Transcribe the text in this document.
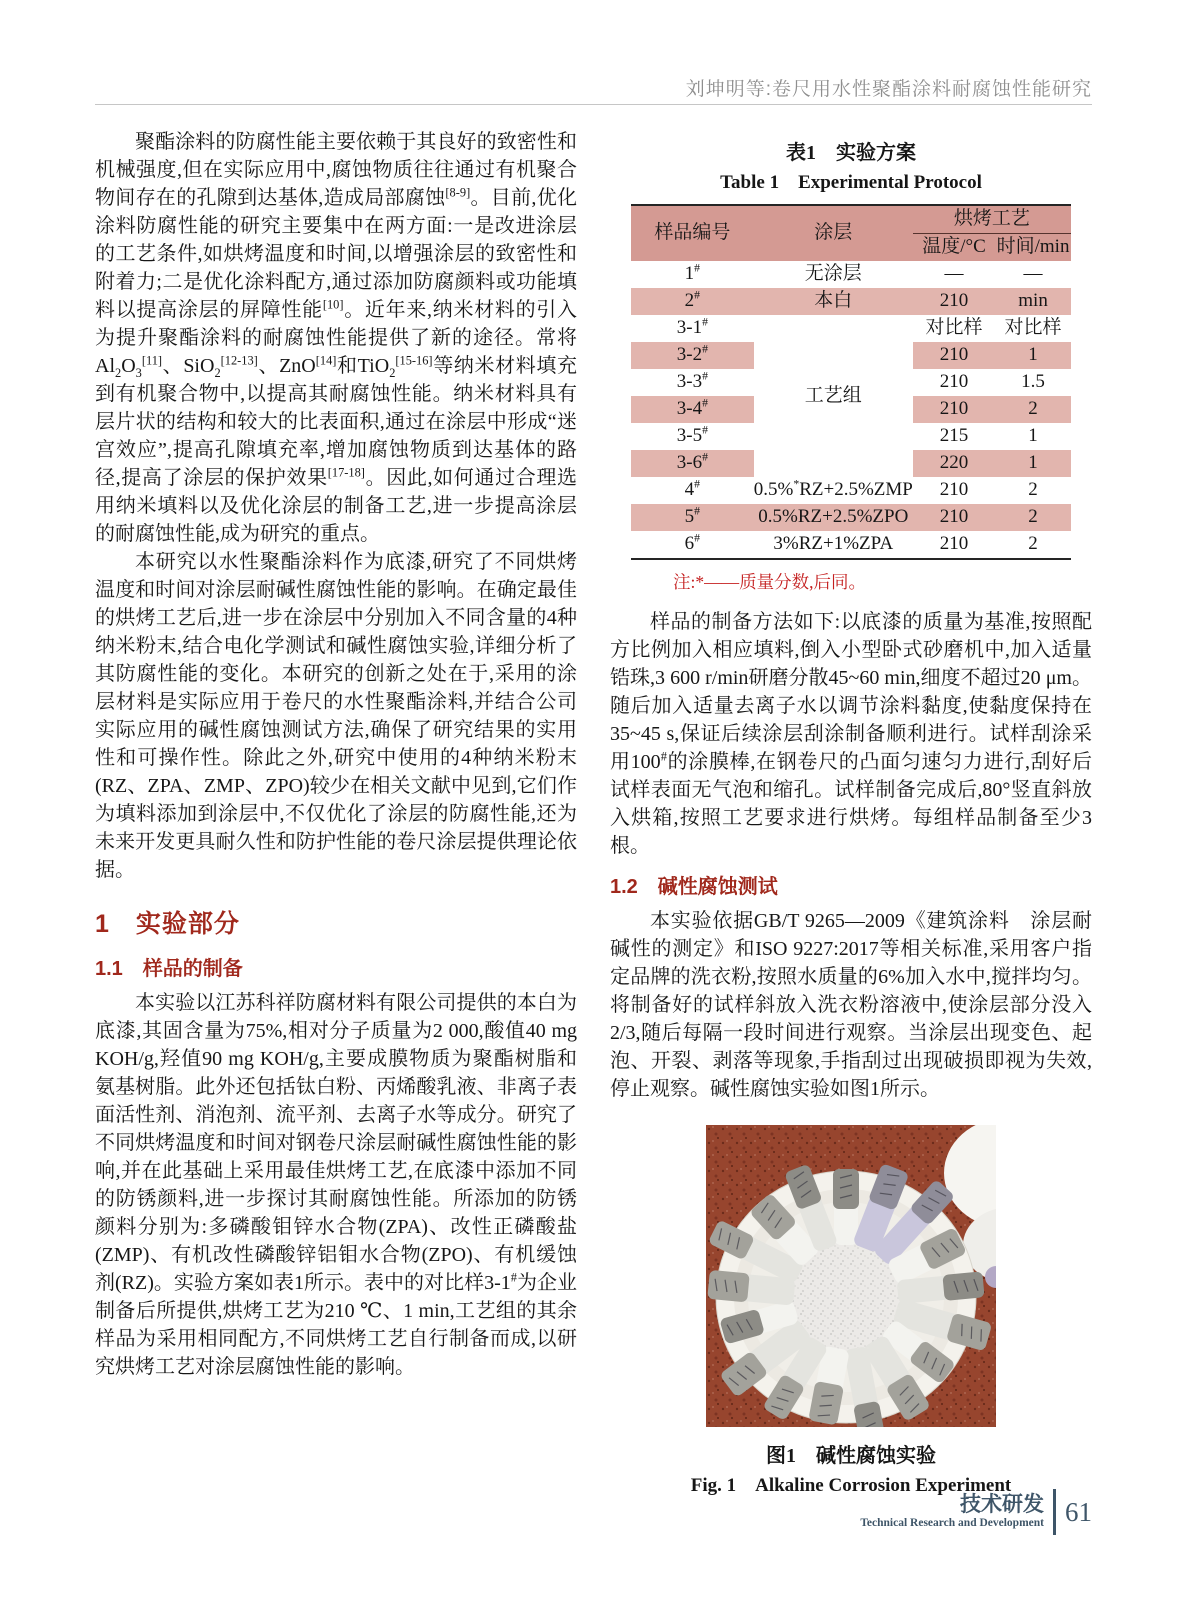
刘坤明等:卷尺用水性聚酯涂料耐腐蚀性能研究

聚酯涂料的防腐性能主要依赖于其良好的致密性和机械强度,但在实际应用中,腐蚀物质往往通过有机聚合物间存在的孔隙到达基体,造成局部腐蚀[8-9]。目前,优化涂料防腐性能的研究主要集中在两方面:一是改进涂层的工艺条件,如烘烤温度和时间,以增强涂层的致密性和附着力;二是优化涂料配方,通过添加防腐颜料或功能填料以提高涂层的屏障性能[10]。近年来,纳米材料的引入为提升聚酯涂料的耐腐蚀性能提供了新的途径。常将$Al_2O_3[11]$、SiO$_2$[12-13]、ZnO[14]和TiO$_2$[15-16]等纳米材料填充到有机聚合物中,以提高其耐腐蚀性能。纳米材料具有层片状的结构和较大的比表面积,通过在涂层中形成“迷宫效应”,提高孔隙填充率,增加腐蚀物质到达基体的路径,提高了涂层的保护效果[17-18]。因此,如何通过合理选用纳米填料以及优化涂层的制备工艺,进一步提高涂层的耐腐蚀性能,成为研究的重点。

本研究以水性聚酯涂料作为底漆,研究了不同烘烤温度和时间对涂层耐碱性腐蚀性能的影响。在确定最佳的烘烤工艺后,进一步在涂层中分别加入不同含量的4种纳米粉末,结合电化学测试和碱性腐蚀实验,详细分析了其防腐性能的变化。本研究的创新之处在于,采用的涂层材料是实际应用于卷尺的水性聚酯涂料,并结合公司实际应用的碱性腐蚀测试方法,确保了研究结果的实用性和可操作性。除此之外,研究中使用的4种纳米粉末(RZ、ZPA、ZMP、ZPO)较少在相关文献中见到,它们作为填料添加到涂层中,不仅优化了涂层的防腐性能,还为未来开发更具耐久性和防护性能的卷尺涂层提供理论依据。

1　实验部分
1.1　样品的制备

本实验以江苏科祥防腐材料有限公司提供的本白为底漆,其固含量为75%,相对分子质量为2 000,酸值40 mg KOH/g,羟值90 mg KOH/g,主要成膜物质为聚酯树脂和氨基树脂。此外还包括钛白粉、丙烯酸乳液、非离子表面活性剂、消泡剂、流平剂、去离子水等成分。研究了不同烘烤温度和时间对钢卷尺涂层耐碱性腐蚀性能的影响,并在此基础上采用最佳烘烤工艺,在底漆中添加不同的防锈颜料,进一步探讨其耐腐蚀性能。所添加的防锈颜料分别为:多磷酸钼锌水合物(ZPA)、改性正磷酸盐(ZMP)、有机改性磷酸锌铝钼水合物(ZPO)、有机缓蚀剂(RZ)。实验方案如表1所示。表中的对比样3-1#为企业制备后所提供,烘烤工艺为210 ℃、1 min,工艺组的其余样品为采用相同配方,不同烘烤工艺自行制备而成,以研究烘烤工艺对涂层腐蚀性能的影响。

表1　实验方案

Table 1　Experimental Protocol

样品编号	涂层	烘烤工艺	
		温度/°C	时间/min
1#	无涂层	—	—
2#	本白	210	min
3-1#	工艺组	对比样	对比样
3-2#		210	1
3-3#		210	1.5
3-4#		210	2
3-5#		215	1
3-6#		220	1
4#	0.5%*RZ+2.5%ZMP	210	2
5#	0.5%RZ+2.5%ZPO	210	2
6#	3%RZ+1%ZPA	210	2

注:*——质量分数,后同。

样品的制备方法如下:以底漆的质量为基准,按照配方比例加入相应填料,倒入小型卧式砂磨机中,加入适量锆珠,3 600 r/min研磨分散45~60 min,细度不超过20 μm。随后加入适量去离子水以调节涂料黏度,使黏度保持在35~45 s,保证后续涂层刮涂制备顺利进行。试样刮涂采用100#的涂膜棒,在钢卷尺的凸面匀速匀力进行,刮好后试样表面无气泡和缩孔。试样制备完成后,80°竖直斜放入烘箱,按照工艺要求进行烘烤。每组样品制备至少3根。

1.2　碱性腐蚀测试

本实验依据GB/T 9265—2009《建筑涂料　涂层耐碱性的测定》和ISO 9227:2017等相关标准,采用客户指定品牌的洗衣粉,按照水质量的6%加入水中,搅拌均匀。将制备好的试样斜放入洗衣粉溶液中,使涂层部分没入2/3,随后每隔一段时间进行观察。当涂层出现变色、起泡、开裂、剥落等现象,手指刮过出现破损即视为失效,停止观察。碱性腐蚀实验如图1所示。

图1　碱性腐蚀实验

Fig. 1　Alkaline Corrosion Experiment

技术研发
Technical Research and Development 61
